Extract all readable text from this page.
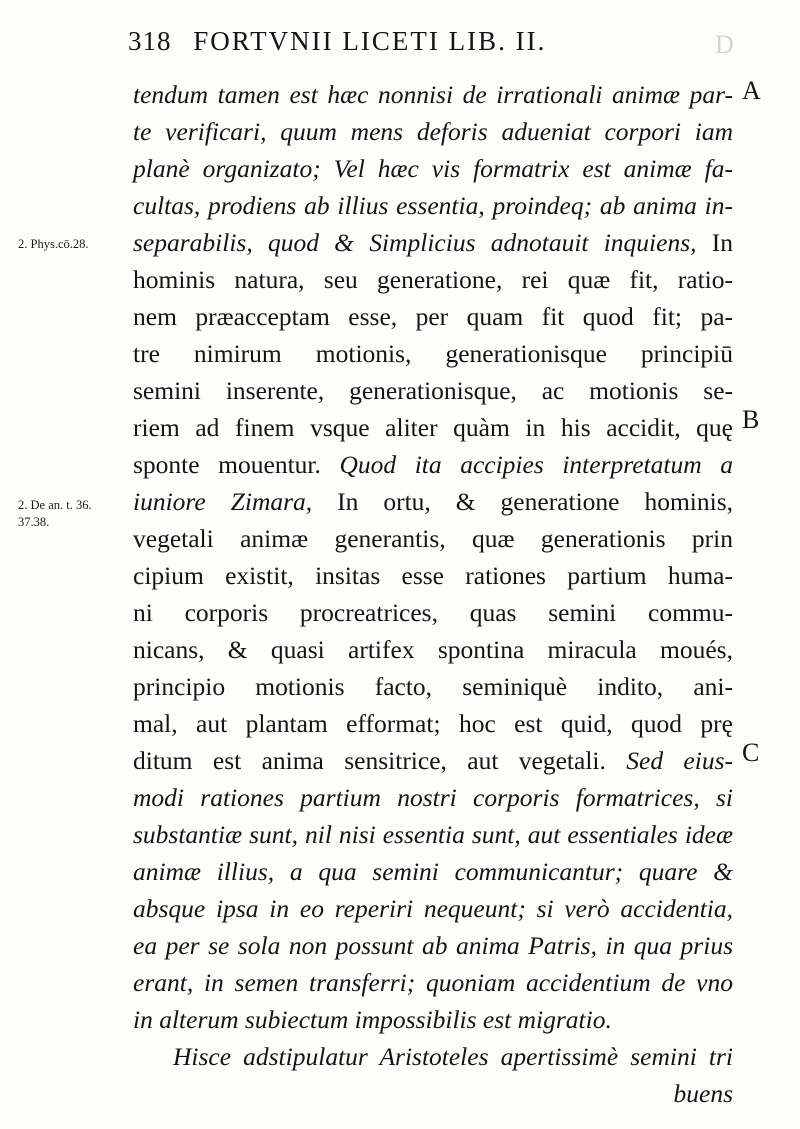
D
318 FORTVNII LICETI LIB. II.
2. Phys.cō.28.
2. De an. t. 36.
37.38.
A
B
C
tendum tamen est hæc nonnisi de irrationali animæ par-
te verificari, quum mens deforis adueniat corpori iam
planè organizato; Vel hæc vis formatrix est animæ fa-
cultas, prodiens ab illius essentia, proindeq; ab anima in-
separabilis, quod & Simplicius adnotauit inquiens, In
hominis natura, seu generatione, rei quæ fit, ratio-
nem præacceptam esse, per quam fit quod fit; pa-
tre nimirum motionis, generationisque principiū
semini inserente, generationisque, ac motionis se-
riem ad finem vsque aliter quàm in his accidit, quę
sponte mouentur. Quod ita accipies interpretatum a
iuniore Zimara, In ortu, & generatione hominis,
vegetali animæ generantis, quæ generationis prin
cipium existit, insitas esse rationes partium huma-
ni corporis procreatrices, quas semini commu-
nicans, & quasi artifex spontina miracula moués,
principio motionis facto, seminiquè indito, ani-
mal, aut plantam efformat; hoc est quid, quod prę
ditum est anima sensitrice, aut vegetali. Sed eius-
modi rationes partium nostri corporis formatrices, si
substantiæ sunt, nil nisi essentia sunt, aut essentiales ideæ
animæ illius, a qua semini communicantur; quare &
absque ipsa in eo reperiri nequeunt; si verò accidentia,
ea per se sola non possunt ab anima Patris, in qua prius
erant, in semen transferri; quoniam accidentium de vno
in alterum subiectum impossibilis est migratio.
Hisce adstipulatur Aristoteles apertissimè semini tri
buens
